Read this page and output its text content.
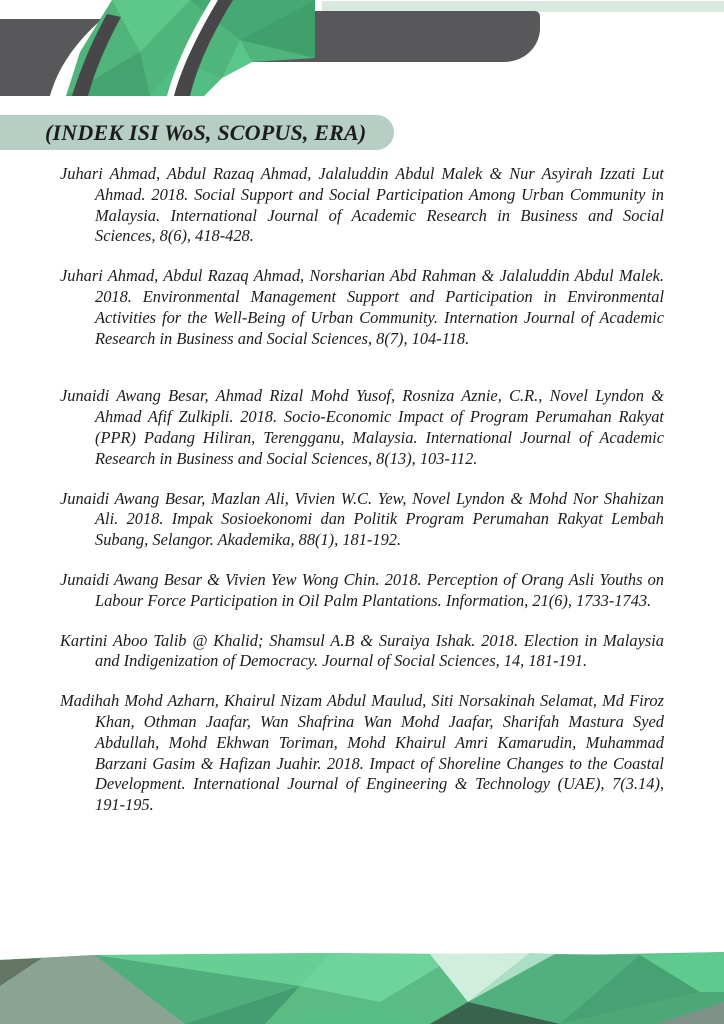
(INDEK ISI WoS, SCOPUS, ERA)

Juhari Ahmad, Abdul Razaq Ahmad, Jalaluddin Abdul Malek & Nur Asyirah Izzati Lut Ahmad. 2018. Social Support and Social Participation Among Urban Community in Malaysia. International Journal of Academic Research in Business and Social Sciences, 8(6), 418-428.

Juhari Ahmad, Abdul Razaq Ahmad, Norsharian Abd Rahman & Jalaluddin Abdul Malek. 2018. Environmental Management Support and Participation in Environmental Activities for the Well-Being of Urban Community. Internation Journal of Academic Research in Business and Social Sciences, 8(7), 104-118.

Junaidi Awang Besar, Ahmad Rizal Mohd Yusof, Rosniza Aznie, C.R., Novel Lyndon & Ahmad Afif Zulkipli. 2018. Socio-Economic Impact of Program Perumahan Rakyat (PPR) Padang Hiliran, Terengganu, Malaysia. International Journal of Academic Research in Business and Social Sciences, 8(13), 103-112.

Junaidi Awang Besar, Mazlan Ali, Vivien W.C. Yew, Novel Lyndon & Mohd Nor Shahizan Ali. 2018. Impak Sosioekonomi dan Politik Program Perumahan Rakyat Lembah Subang, Selangor. Akademika, 88(1), 181-192.

Junaidi Awang Besar & Vivien Yew Wong Chin. 2018. Perception of Orang Asli Youths on Labour Force Participation in Oil Palm Plantations. Information, 21(6), 1733-1743.

Kartini Aboo Talib @ Khalid; Shamsul A.B & Suraiya Ishak. 2018. Election in Malaysia and Indigenization of Democracy. Journal of Social Sciences, 14, 181-191.

Madihah Mohd Azharn, Khairul Nizam Abdul Maulud, Siti Norsakinah Selamat, Md Firoz Khan, Othman Jaafar, Wan Shafrina Wan Mohd Jaafar, Sharifah Mastura Syed Abdullah, Mohd Ekhwan Toriman, Mohd Khairul Amri Kamarudin, Muhammad Barzani Gasim & Hafizan Juahir. 2018. Impact of Shoreline Changes to the Coastal Development. International Journal of Engineering & Technology (UAE), 7(3.14), 191-195.
